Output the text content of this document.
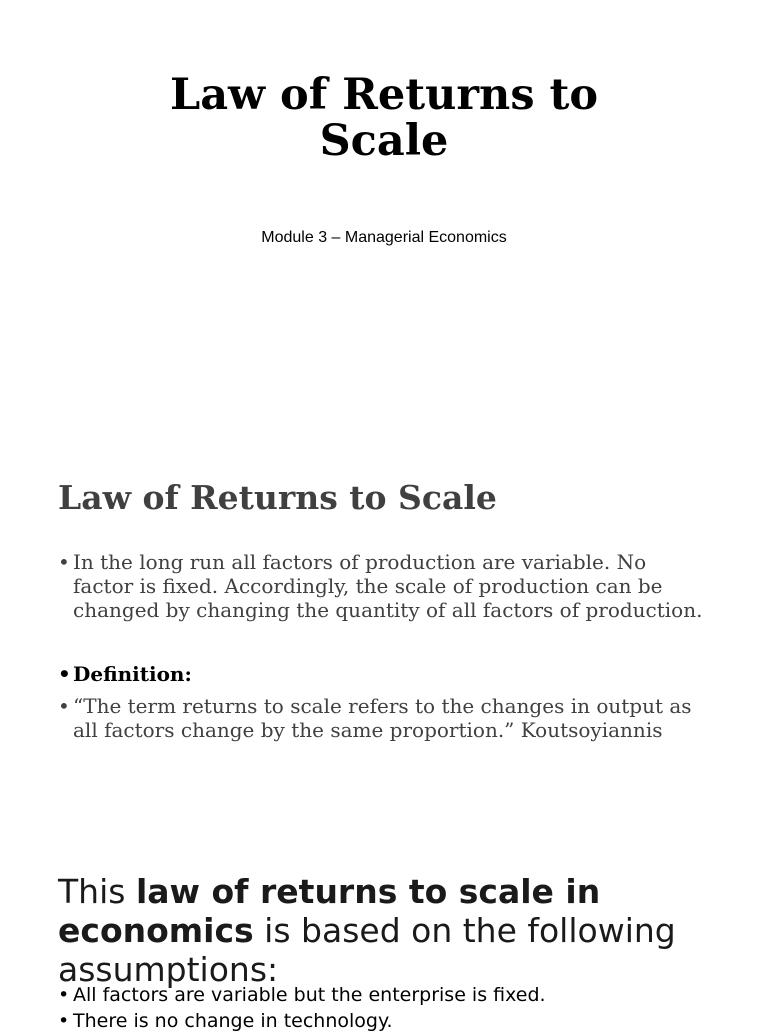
Law of Returns to
Scale
Module 3 – Managerial Economics
Law of Returns to Scale
• In the long run all factors of production are variable. No factor is fixed. Accordingly, the scale of production can be changed by changing the quantity of all factors of production.
• Definition:
• “The term returns to scale refers to the changes in output as all factors change by the same proportion.” Koutsoyiannis
This law of returns to scale in economics is based on the following assumptions:
• All factors are variable but the enterprise is fixed.
• There is no change in technology.
